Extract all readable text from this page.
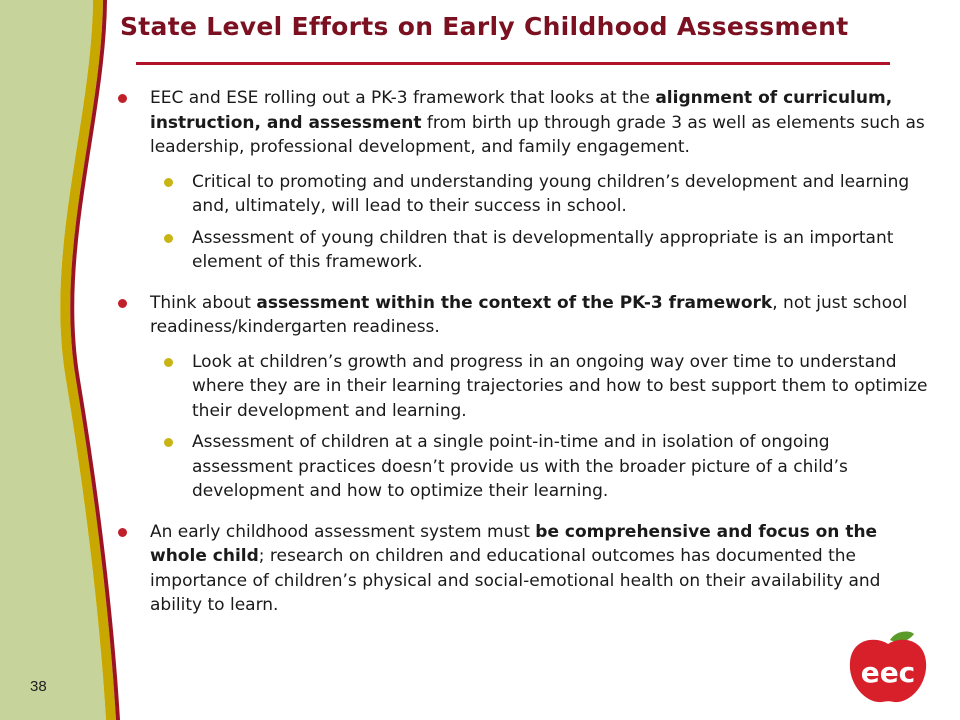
State Level Efforts on Early Childhood Assessment

EEC and ESE rolling out a PK-3 framework that looks at the alignment of curriculum, instruction, and assessment from birth up through grade 3 as well as elements such as leadership, professional development, and family engagement.

Critical to promoting and understanding young children’s development and learning and, ultimately, will lead to their success in school.

Assessment of young children that is developmentally appropriate is an important element of this framework.

Think about assessment within the context of the PK-3 framework, not just school readiness/kindergarten readiness.

Look at children’s growth and progress in an ongoing way over time to understand where they are in their learning trajectories and how to best support them to optimize their development and learning.

Assessment of children at a single point-in-time and in isolation of ongoing assessment practices doesn’t provide us with the broader picture of a child’s development and how to optimize their learning.

An early childhood assessment system must be comprehensive and focus on the whole child; research on children and educational outcomes has documented the importance of children’s physical and social-emotional health on their availability and ability to learn.

38	eec
